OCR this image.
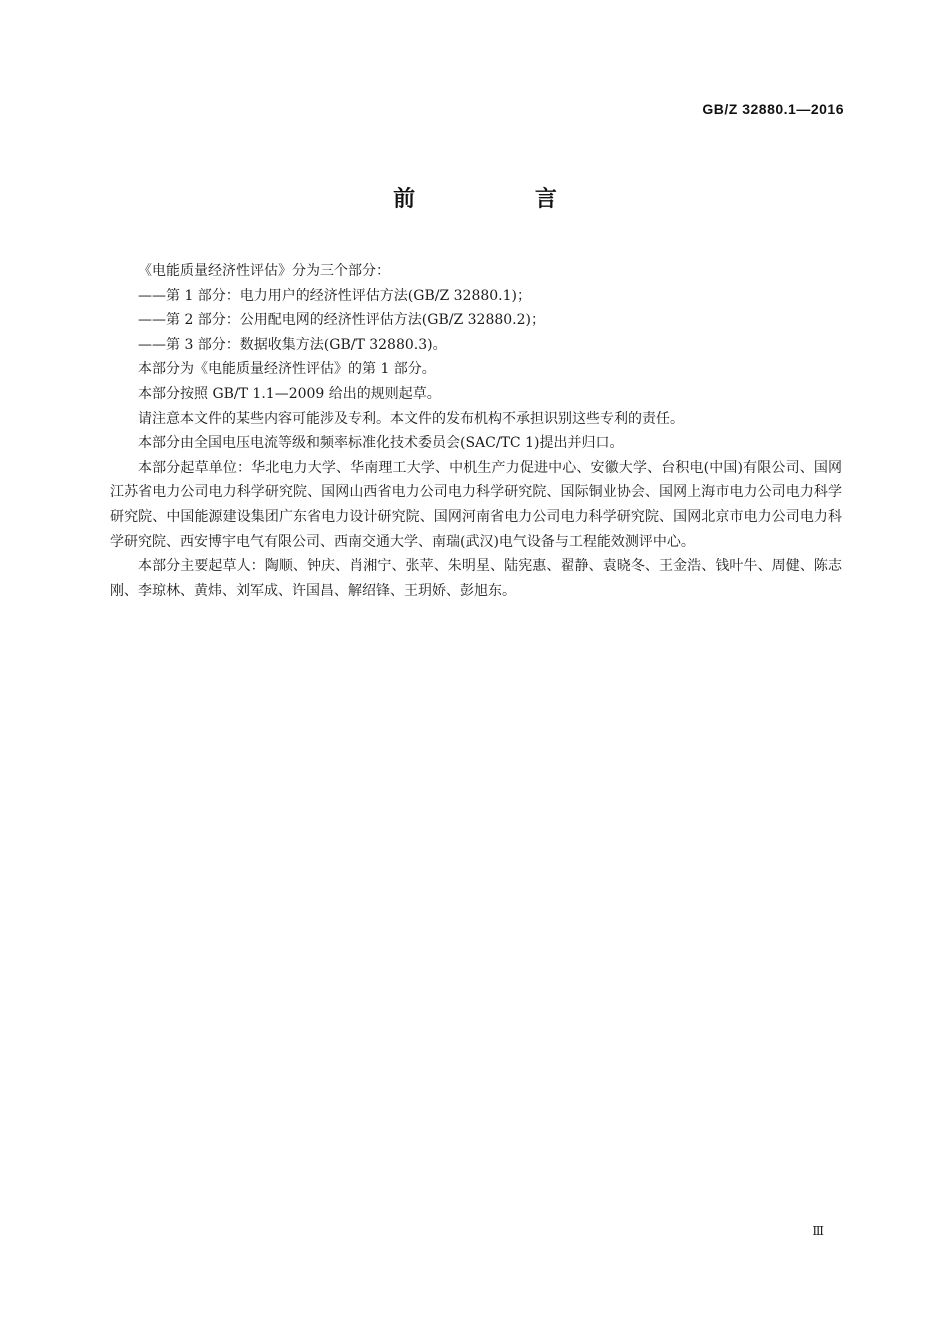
GB/Z 32880.1—2016
前 言

《电能质量经济性评估》分为三个部分：

——第 1 部分：电力用户的经济性评估方法(GB/Z 32880.1)；

——第 2 部分：公用配电网的经济性评估方法(GB/Z 32880.2)；

——第 3 部分：数据收集方法(GB/T 32880.3)。

本部分为《电能质量经济性评估》的第 1 部分。

本部分按照 GB/T 1.1—2009 给出的规则起草。

请注意本文件的某些内容可能涉及专利。本文件的发布机构不承担识别这些专利的责任。

本部分由全国电压电流等级和频率标准化技术委员会(SAC/TC 1)提出并归口。

本部分起草单位：华北电力大学、华南理工大学、中机生产力促进中心、安徽大学、台积电(中国)有限公司、国网江苏省电力公司电力科学研究院、国网山西省电力公司电力科学研究院、国际铜业协会、国网上海市电力公司电力科学研究院、中国能源建设集团广东省电力设计研究院、国网河南省电力公司电力科学研究院、国网北京市电力公司电力科学研究院、西安博宇电气有限公司、西南交通大学、南瑞(武汉)电气设备与工程能效测评中心。

本部分主要起草人：陶顺、钟庆、肖湘宁、张苹、朱明星、陆宪惠、翟静、袁晓冬、王金浩、钱叶牛、周健、陈志刚、李琼林、黄炜、刘军成、许国昌、解绍锋、王玥娇、彭旭东。

Ⅲ
